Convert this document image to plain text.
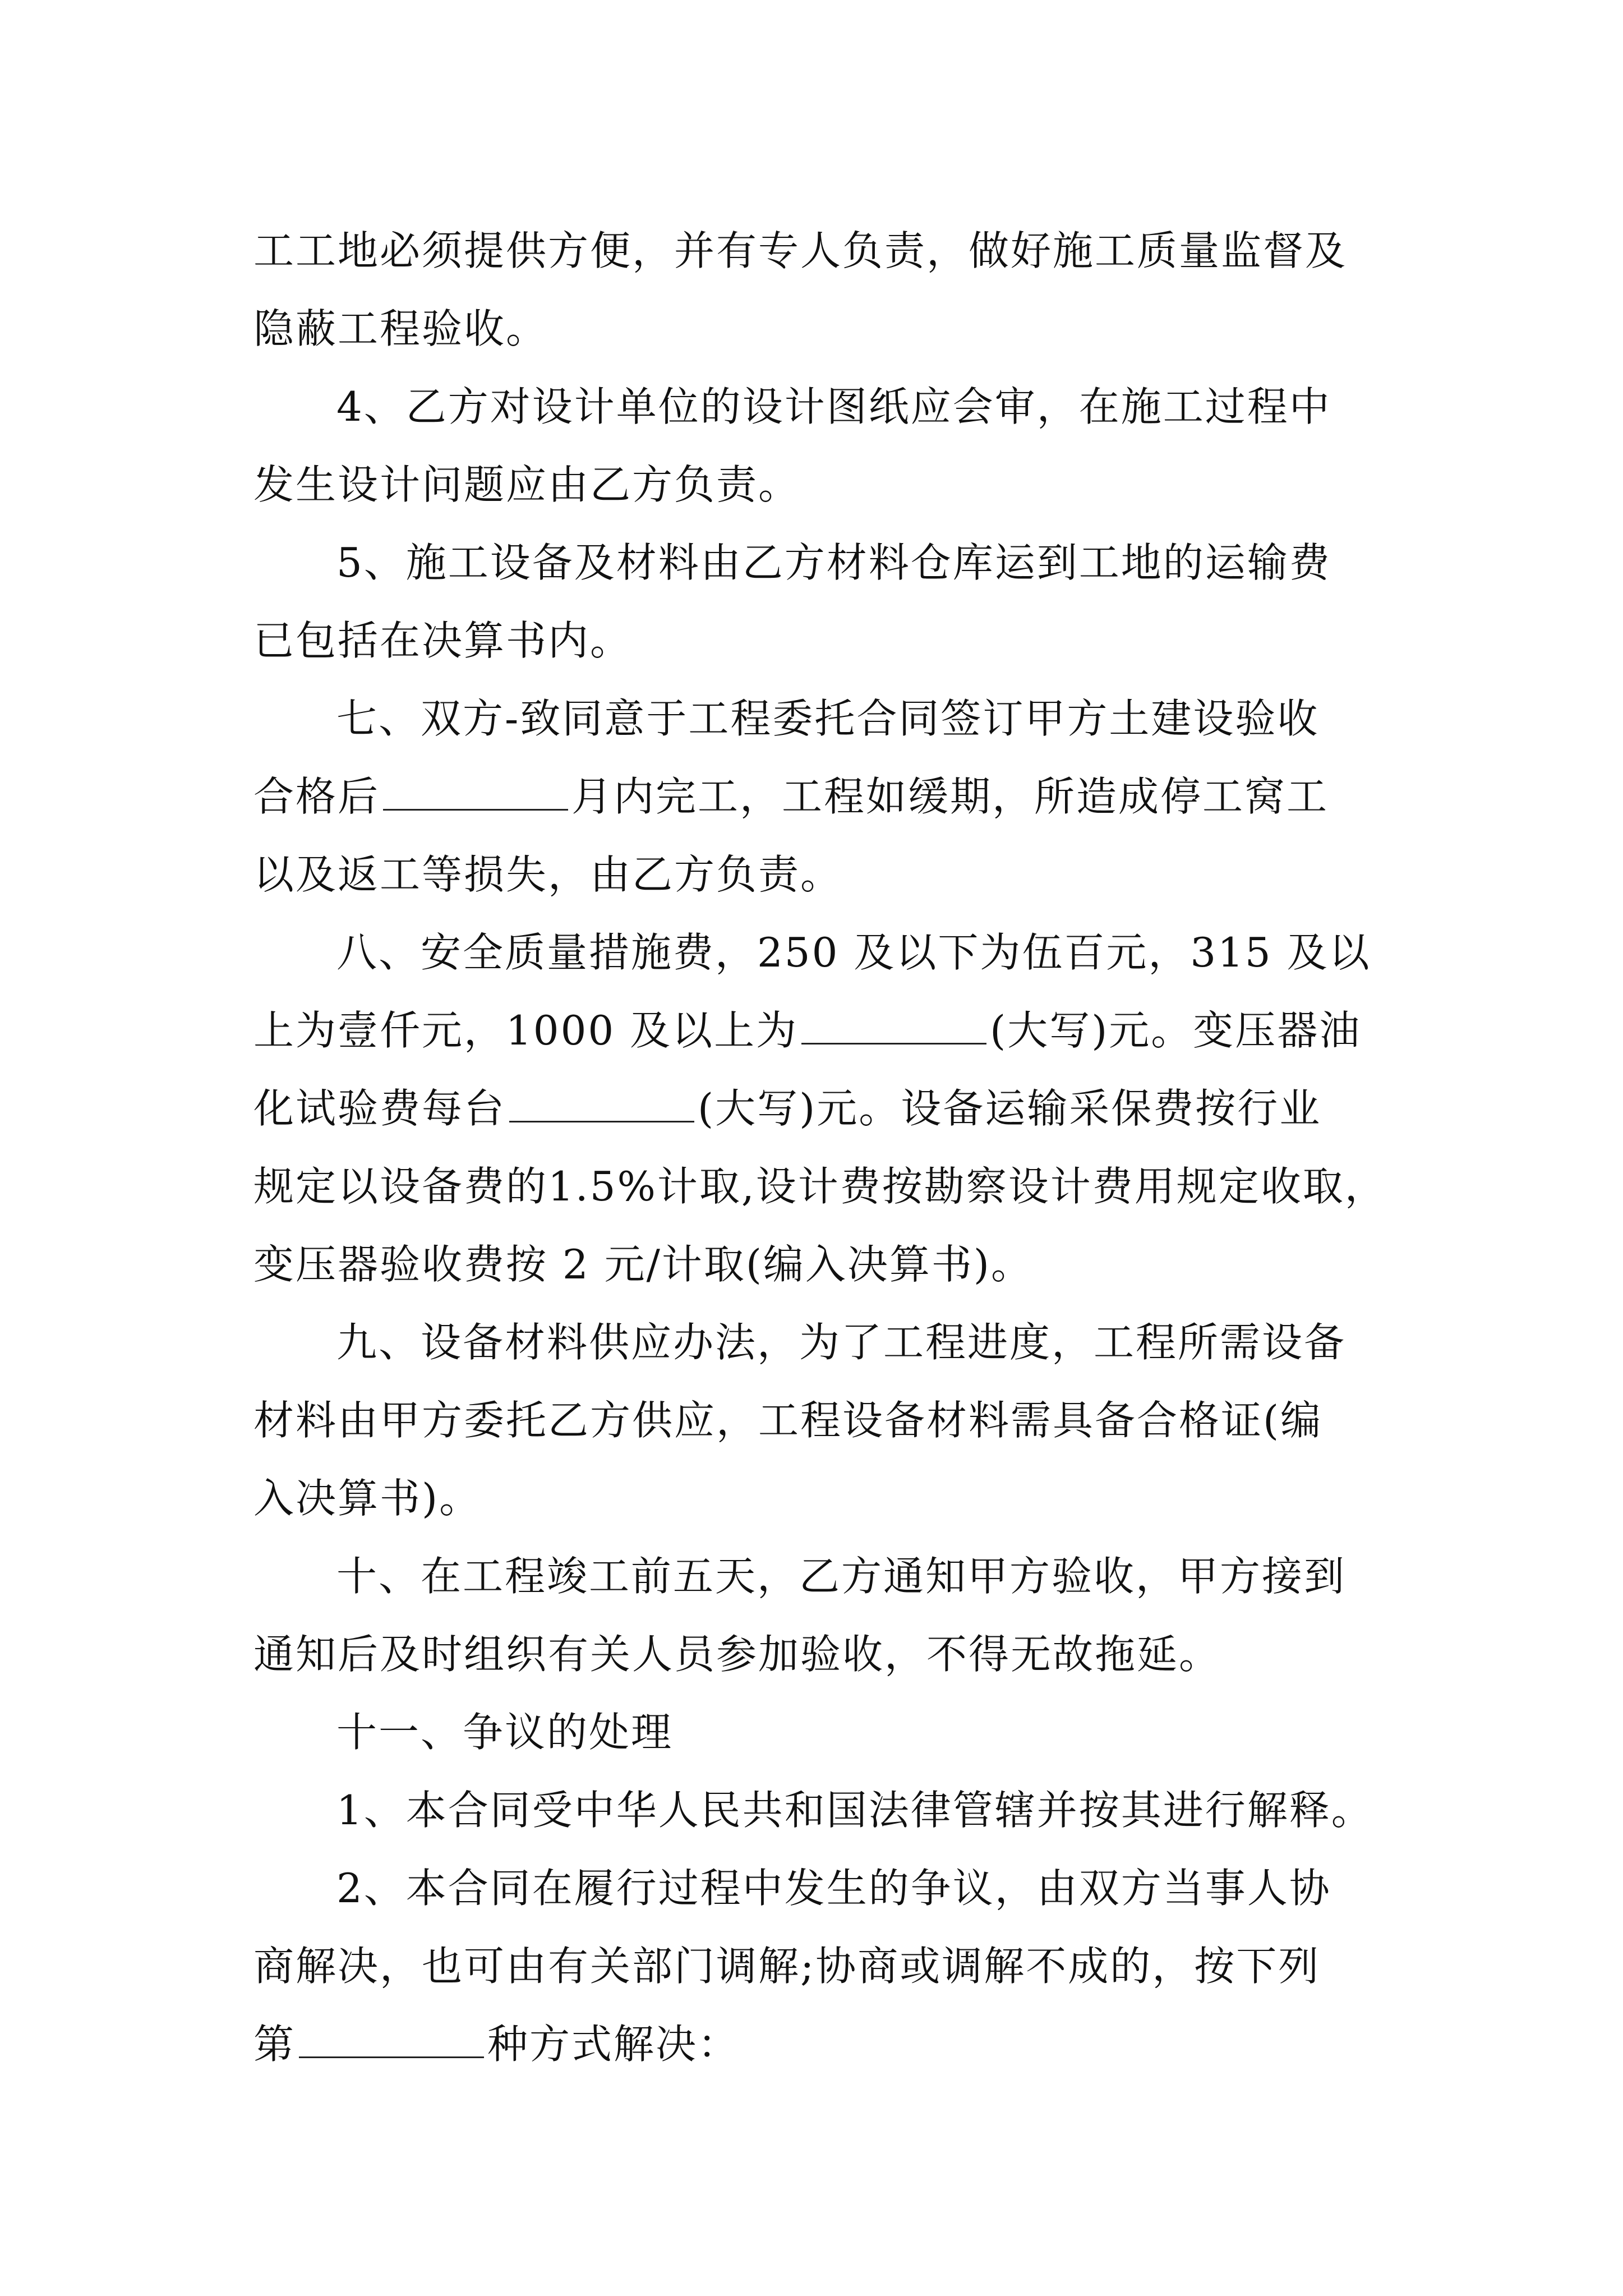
工工地必须提供方便，并有专人负责，做好施工质量监督及
隐蔽工程验收。
4、乙方对设计单位的设计图纸应会审，在施工过程中
发生设计问题应由乙方负责。
5、施工设备及材料由乙方材料仓库运到工地的运输费
已包括在决算书内。
七、双方-致同意于工程委托合同签订甲方土建设验收
合格后	月内完工，工程如缓期，所造成停工窝工
以及返工等损失，由乙方负责。
八、安全质量措施费，250 及以下为伍百元，315 及以
上为壹仟元，1000 及以上为	(大写)元。变压器油
化试验费每台	(大写)元。设备运输采保费按行业
规定以设备费的1.5%计取,设计费按勘察设计费用规定收取，
变压器验收费按 2 元/计取(编入决算书)。
九、设备材料供应办法，为了工程进度，工程所需设备
材料由甲方委托乙方供应，工程设备材料需具备合格证(编
入决算书)。
十、在工程竣工前五天，乙方通知甲方验收，甲方接到
通知后及时组织有关人员参加验收，不得无故拖延。
十一、争议的处理
1、本合同受中华人民共和国法律管辖并按其进行解释。
2、本合同在履行过程中发生的争议，由双方当事人协
商解决，也可由有关部门调解;协商或调解不成的，按下列
第	种方式解决：
